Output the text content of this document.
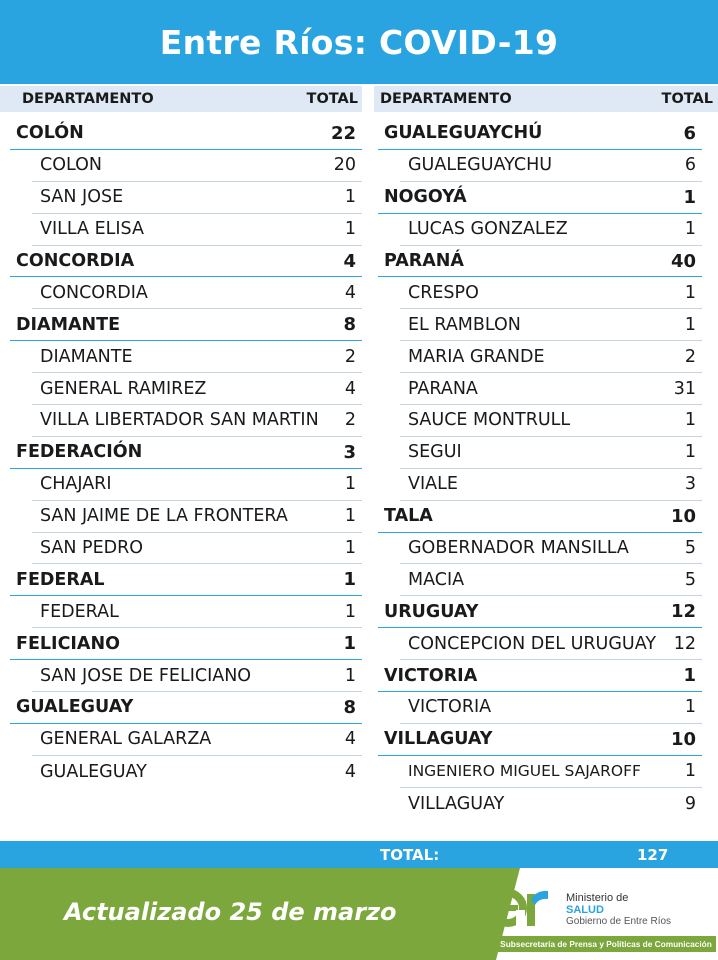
Entre Ríos: COVID-19
DEPARTAMENTO	TOTAL DEPARTAMENTO	TOTAL
COLÓN	22
COLON	20
SAN JOSE	1
VILLA ELISA	1
CONCORDIA	4
CONCORDIA	4
DIAMANTE	8
DIAMANTE	2
GENERAL RAMIREZ	4
VILLA LIBERTADOR SAN MARTIN 2
FEDERACIÓN	3
CHAJARI	1
SAN JAIME DE LA FRONTERA	1
SAN PEDRO	1
FEDERAL	1
FEDERAL	1
FELICIANO	1
SAN JOSE DE FELICIANO	1
GUALEGUAY	8
GENERAL GALARZA	4
GUALEGUAY	4
GUALEGUAYCHÚ	6
GUALEGUAYCHU	6
NOGOYÁ	1
LUCAS GONZALEZ	1
PARANÁ	40
CRESPO	1
EL RAMBLON	1
MARIA GRANDE	2
PARANA	31
SAUCE MONTRULL	1
SEGUI	1
VIALE	3
TALA	10
GOBERNADOR MANSILLA	5
MACIA	5
URUGUAY	12
CONCEPCION DEL URUGUAY 12
VICTORIA	1
VICTORIA	1
VILLAGUAY	10
INGENIERO MIGUEL SAJAROFF	1
VILLAGUAY	9
TOTAL:	127
Actualizado 25 de marzo	Ministerio de
SALUD
Gobierno de Entre Ríos
Subsecretaría de Prensa y Políticas de Comunicación
